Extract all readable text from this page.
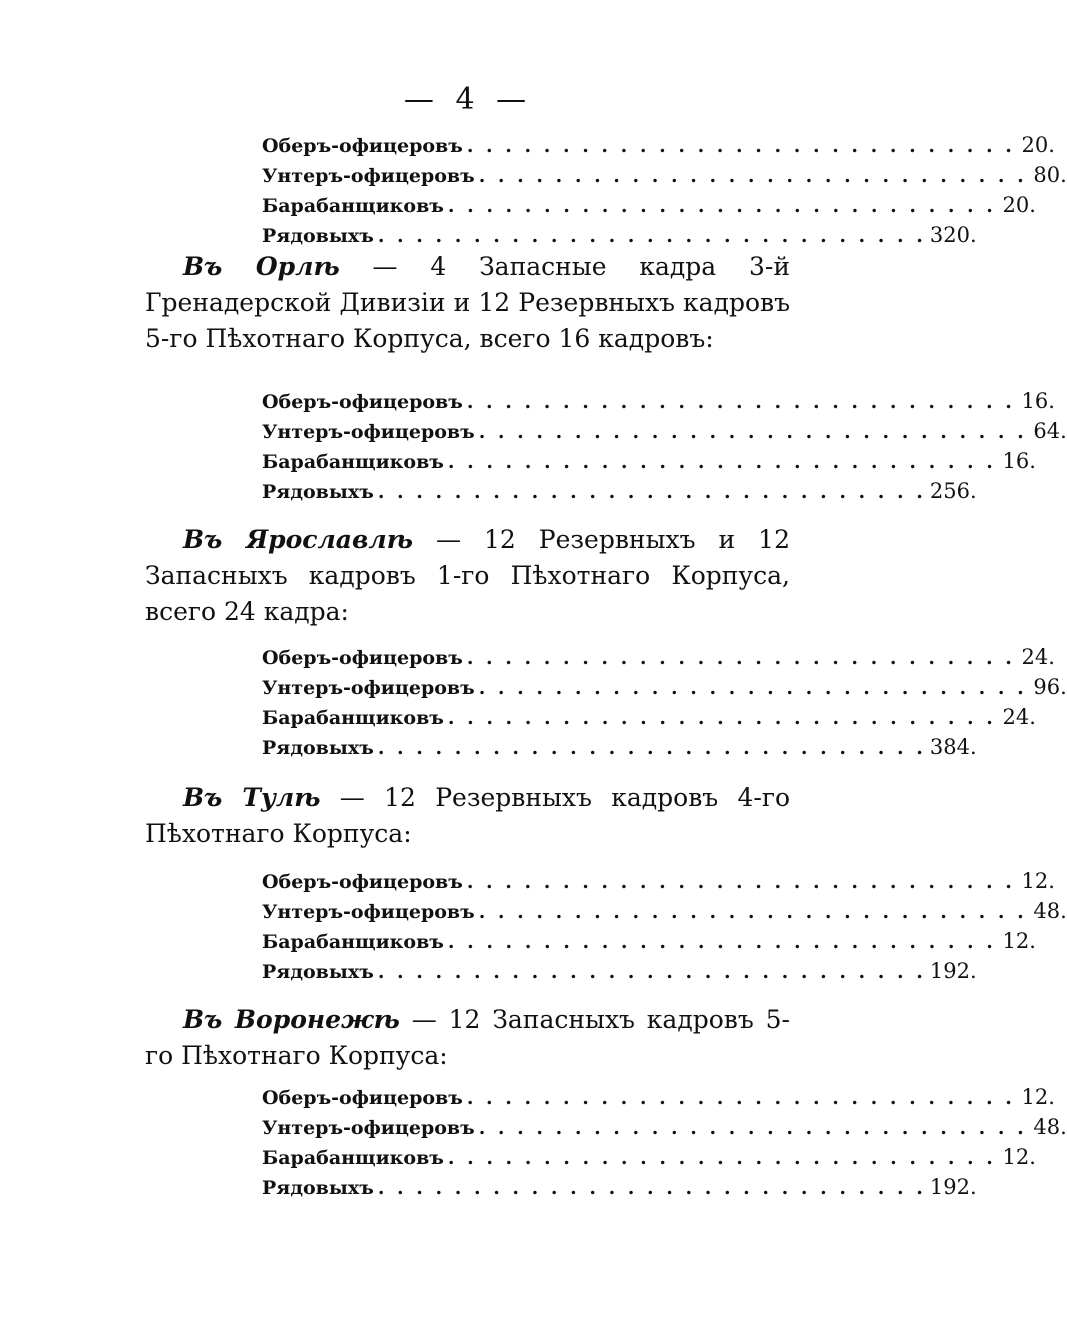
— 4 —
Оберъ-офицеровъ . . . . . . . . . . . . . . . . . . . . . . . . . . . . . 20.
Унтеръ-офицеровъ . . . . . . . . . . . . . . . . . . . . . . . . . . . . . 80.
Барабанщиковъ . . . . . . . . . . . . . . . . . . . . . . . . . . . . . 20.
Рядовыхъ . . . . . . . . . . . . . . . . . . . . . . . . . . . . . 320.

Въ Орлѣ — 4 Запасные кадра 3-й Гренадерской Дивизіи и 12 Резервныхъ кадровъ 5-го Пѣхотнаго Корпуса, всего 16 кадровъ:

Оберъ-офицеровъ . . . . . . . . . . . . . . . . . . . . . . . . . . . . . 16.
Унтеръ-офицеровъ . . . . . . . . . . . . . . . . . . . . . . . . . . . . . 64.
Барабанщиковъ . . . . . . . . . . . . . . . . . . . . . . . . . . . . . 16.
Рядовыхъ . . . . . . . . . . . . . . . . . . . . . . . . . . . . . 256.

Въ Ярославлѣ — 12 Резервныхъ и 12 Запасныхъ кадровъ 1-го Пѣхотнаго Корпуса, всего 24 кадра:

Оберъ-офицеровъ . . . . . . . . . . . . . . . . . . . . . . . . . . . . . 24.
Унтеръ-офицеровъ . . . . . . . . . . . . . . . . . . . . . . . . . . . . . 96.
Барабанщиковъ . . . . . . . . . . . . . . . . . . . . . . . . . . . . . 24.
Рядовыхъ . . . . . . . . . . . . . . . . . . . . . . . . . . . . . 384.

Въ Тулѣ — 12 Резервныхъ кадровъ 4-го Пѣхотнаго Корпуса:

Оберъ-офицеровъ . . . . . . . . . . . . . . . . . . . . . . . . . . . . . 12.
Унтеръ-офицеровъ . . . . . . . . . . . . . . . . . . . . . . . . . . . . . 48.
Барабанщиковъ . . . . . . . . . . . . . . . . . . . . . . . . . . . . . 12.
Рядовыхъ . . . . . . . . . . . . . . . . . . . . . . . . . . . . . 192.

Въ Воронежѣ — 12 Запасныхъ кадровъ 5-го Пѣхотнаго Корпуса:

Оберъ-офицеровъ . . . . . . . . . . . . . . . . . . . . . . . . . . . . . 12.
Унтеръ-офицеровъ . . . . . . . . . . . . . . . . . . . . . . . . . . . . . 48.
Барабанщиковъ . . . . . . . . . . . . . . . . . . . . . . . . . . . . . 12.
Рядовыхъ . . . . . . . . . . . . . . . . . . . . . . . . . . . . . 192.
